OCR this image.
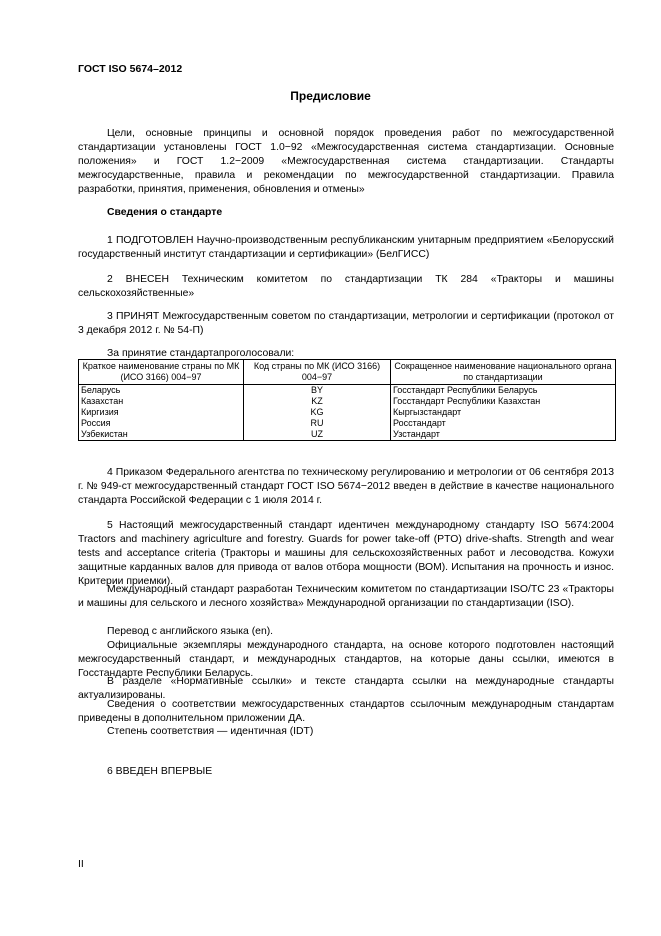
ГОСТ ISO 5674–2012
Предисловие

Цели, основные принципы и основной порядок проведения работ по межгосударственной стандартизации установлены ГОСТ 1.0−92 «Межгосударственная система стандартизации. Основные положения» и ГОСТ 1.2−2009 «Межгосударственная система стандартизации. Стандарты межгосударственные, правила и рекомендации по межгосударственной стандартизации. Правила разработки, принятия, применения, обновления и отмены»

Сведения о стандарте

1 ПОДГОТОВЛЕН Научно-производственным республиканским унитарным предприятием «Белорусский государственный институт стандартизации и сертификации» (БелГИСС)

2 ВНЕСЕН Техническим комитетом по стандартизации ТК 284 «Тракторы и машины сельскохозяйственные»

3 ПРИНЯТ Межгосударственным советом по стандартизации, метрологии и сертификации (протокол от 3 декабря 2012 г. № 54-П)

За принятие стандартапроголосовали:
Краткое наименование страны по МК (ИСО 3166) 004−97	Код страны по МК (ИСО 3166) 004−97	Сокращенное наименование национального органа по стандартизации
Беларусь	BY	Госстандарт Республики Беларусь
Казахстан	KZ	Госстандарт Республики Казахстан
Киргизия	KG	Кыргызстандарт
Россия	RU	Росстандарт
Узбекистан	UZ	Узстандарт

4 Приказом Федерального агентства по техническому регулированию и метрологии от 06 сентября 2013 г. № 949-ст межгосударственный стандарт ГОСТ ISO 5674−2012 введен в действие в качестве национального стандарта Российской Федерации с 1 июля 2014 г.

5 Настоящий межгосударственный стандарт идентичен международному стандарту ISO 5674:2004 Tractors and machinery agriculture and forestry. Guards for power take-off (PTO) drive-shafts. Strength and wear tests and acceptance criteria (Тракторы и машины для сельскохозяйственных работ и лесоводства. Кожухи защитные карданных валов для привода от валов отбора мощности (ВОМ). Испытания на прочность и износ. Критерии приемки).

Международный стандарт разработан Техническим комитетом по стандартизации ISO/TC 23 «Тракторы и машины для сельского и лесного хозяйства» Международной организации по стандартизации (ISO).

Перевод с английского языка (en).

Официальные экземпляры международного стандарта, на основе которого подготовлен настоящий межгосударственный стандарт, и международных стандартов, на которые даны ссылки, имеются в Госстандарте Республики Беларусь.

В разделе «Нормативные ссылки» и тексте стандарта ссылки на международные стандарты актуализированы.

Сведения о соответствии межгосударственных стандартов ссылочным международным стандартам приведены в дополнительном приложении ДА.

Степень соответствия — идентичная (IDT)

6 ВВЕДЕН ВПЕРВЫЕ

II
